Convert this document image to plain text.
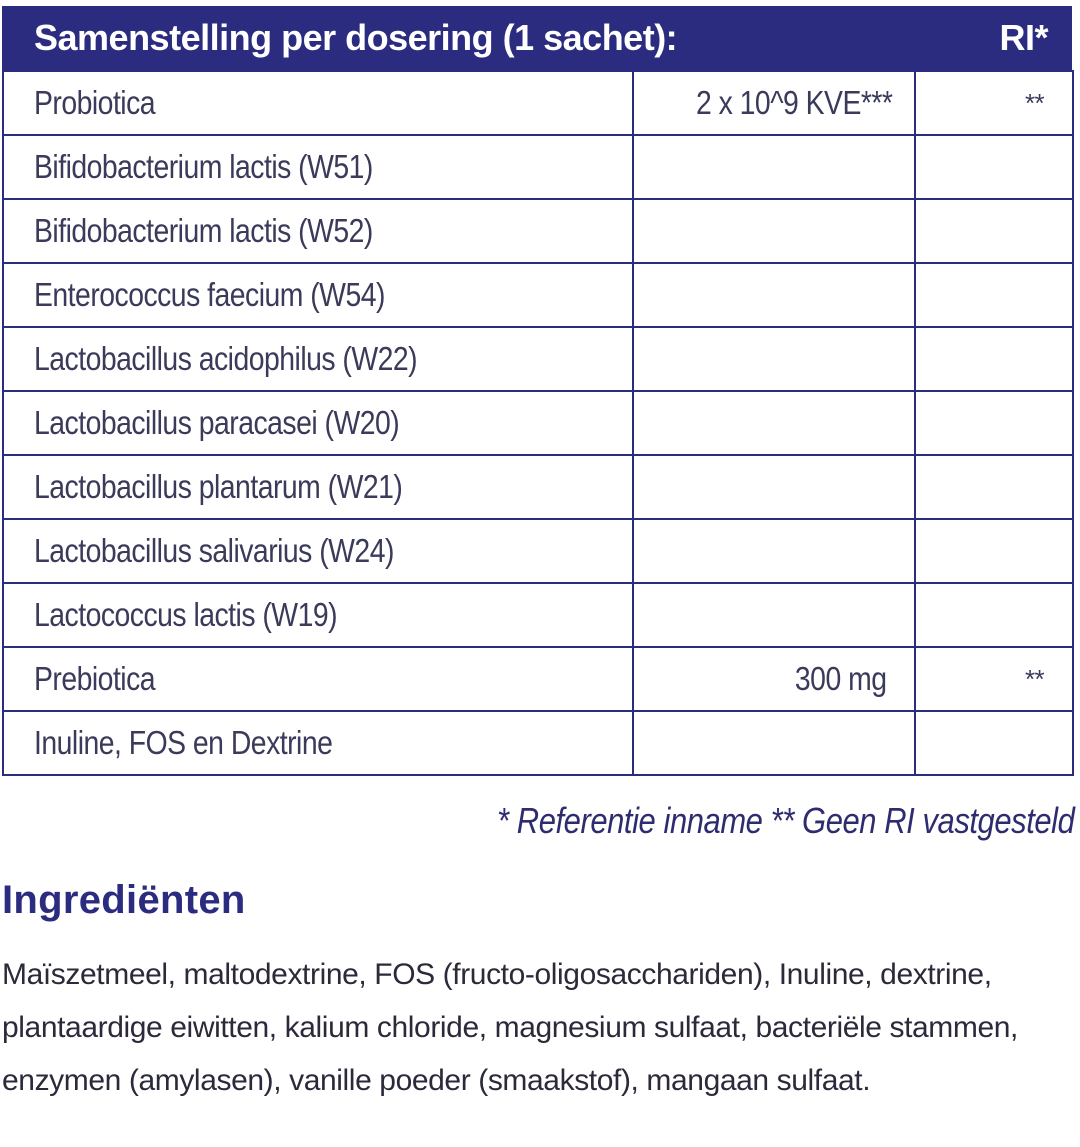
Samenstelling per dosering (1 sachet):	RI*
Probiotica	2 x 10^9 KVE***	**
Bifidobacterium lactis (W51)		
Bifidobacterium lactis (W52)		
Enterococcus faecium (W54)		
Lactobacillus acidophilus (W22)		
Lactobacillus paracasei (W20)		
Lactobacillus plantarum (W21)		
Lactobacillus salivarius (W24)		
Lactococcus lactis (W19)		
Prebiotica	300 mg	**
Inuline, FOS en Dextrine		
* Referentie inname ** Geen RI vastgesteld
Ingrediënten

Maïszetmeel, maltodextrine, FOS (fructo-oligosacchariden), Inuline, dextrine, plantaardige eiwitten, kalium chloride, magnesium sulfaat, bacteriële stammen, enzymen (amylasen), vanille poeder (smaakstof), mangaan sulfaat.
